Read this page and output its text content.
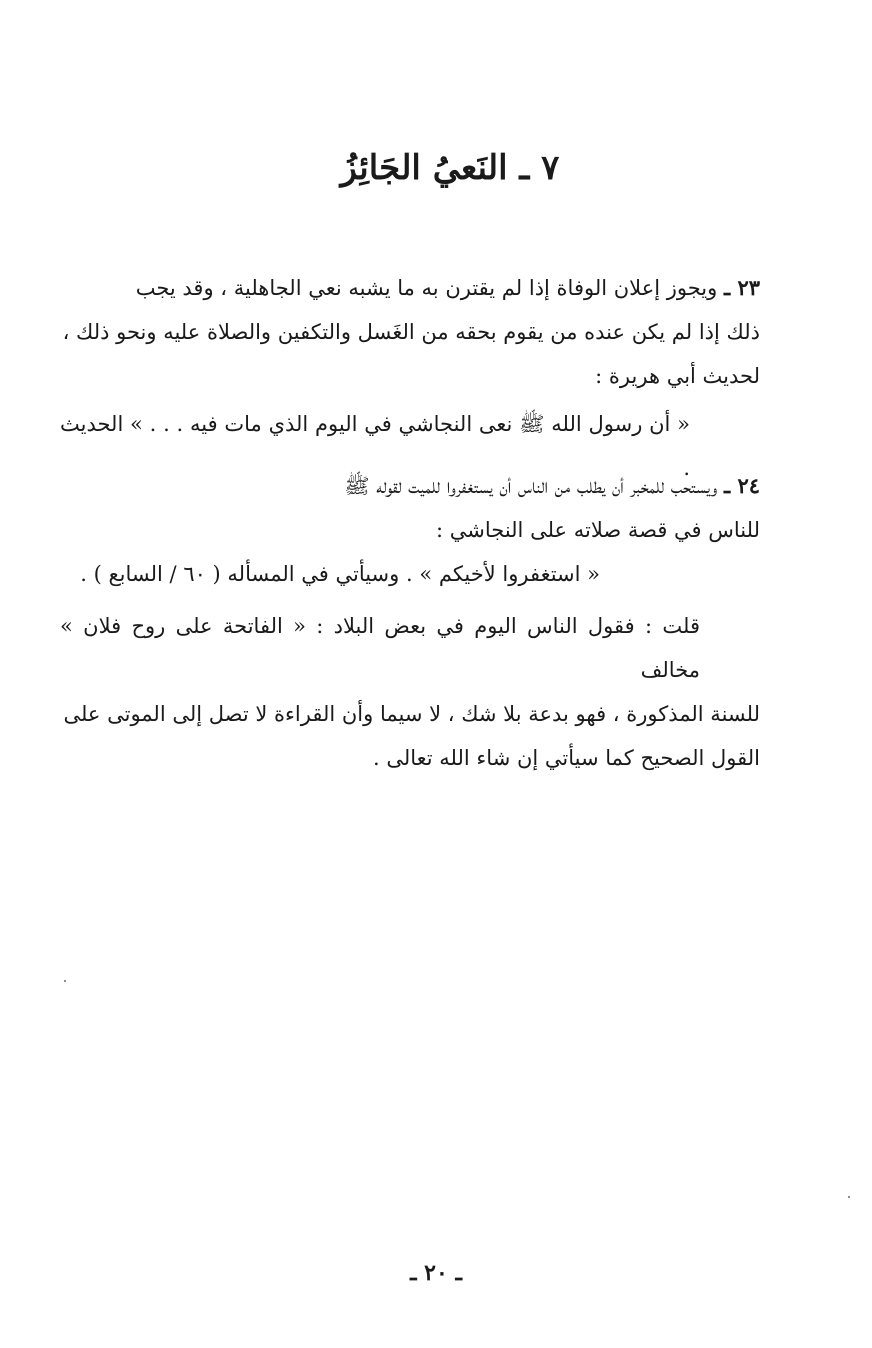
٧ ـ النَعيُ الجَائِزُ

٢٣ ـ ويجوز إعلان الوفاة إذا لم يقترن به ما يشبه نعي الجاهلية ، وقد يجب

ذلك إذا لم يكن عنده من يقوم بحقه من الغَسل والتكفين والصلاة عليه ونحو ذلك ،

لحديث أبي هريرة :

« أن رسول الله ﷺ نعى النجاشي في اليوم الذي مات فيه . . . » الحديث .

٢٤ ـ ويستحب للمخبر أن يطلب من الناس أن يستغفروا للميت لقوله ﷺ

للناس في قصة صلاته على النجاشي :

« استغفروا لأخيكم » . وسيأتي في المسأله ( ٦٠ / السابع ) .

قلت : فقول الناس اليوم في بعض البلاد : « الفاتحة على روح فلان » مخالف

للسنة المذكورة ، فهو بدعة بلا شك ، لا سيما وأن القراءة لا تصل إلى الموتى على

القول الصحيح كما سيأتي إن شاء الله تعالى .

ـ ٢٠ ـ
